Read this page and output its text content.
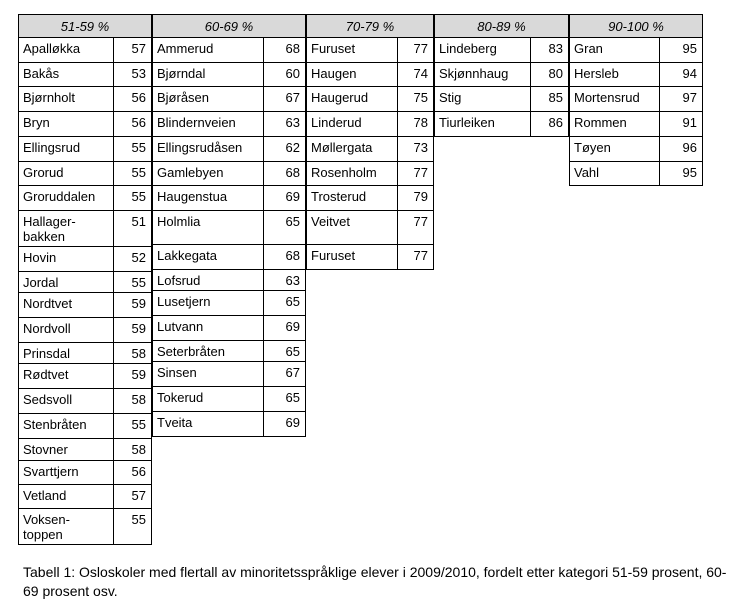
51-59 %	
Apalløkka	57
Bakås	53
Bjørnholt	56
Bryn	56
Ellingsrud	55
Grorud	55
Groruddalen	55
Hallager-
bakken	51
Hovin	52
Jordal	55
Nordtvet	59
Nordvoll	59
Prinsdal	58
Rødtvet	59
Sedsvoll	58
Stenbråten	55
Stovner	58
Svarttjern	56
Vetland	57
Voksen-
toppen	55
60-69 %	
Ammerud	68
Bjørndal	60
Bjøråsen	67
Blindernveien	63
Ellingsrudåsen	62
Gamlebyen	68
Haugenstua	69
Holmlia	65
Lakkegata	68
Lofsrud	63
Lusetjern	65
Lutvann	69
Seterbråten	65
Sinsen	67
Tokerud	65
Tveita	69
70-79 %	
Furuset	77
Haugen	74
Haugerud	75
Linderud	78
Møllergata	73
Rosenholm	77
Trosterud	79
Veitvet	77
Furuset	77
80-89 %	
Lindeberg	83
Skjønnhaug	80
Stig	85
Tiurleiken	86
90-100 %	
Gran	95
Hersleb	94
Mortensrud	97
Rommen	91
Tøyen	96
Vahl	95
Tabell 1: Osloskoler med flertall av minoritetsspråklige elever i 2009/2010, fordelt etter kategori 51-59 prosent, 60-69 prosent osv.
